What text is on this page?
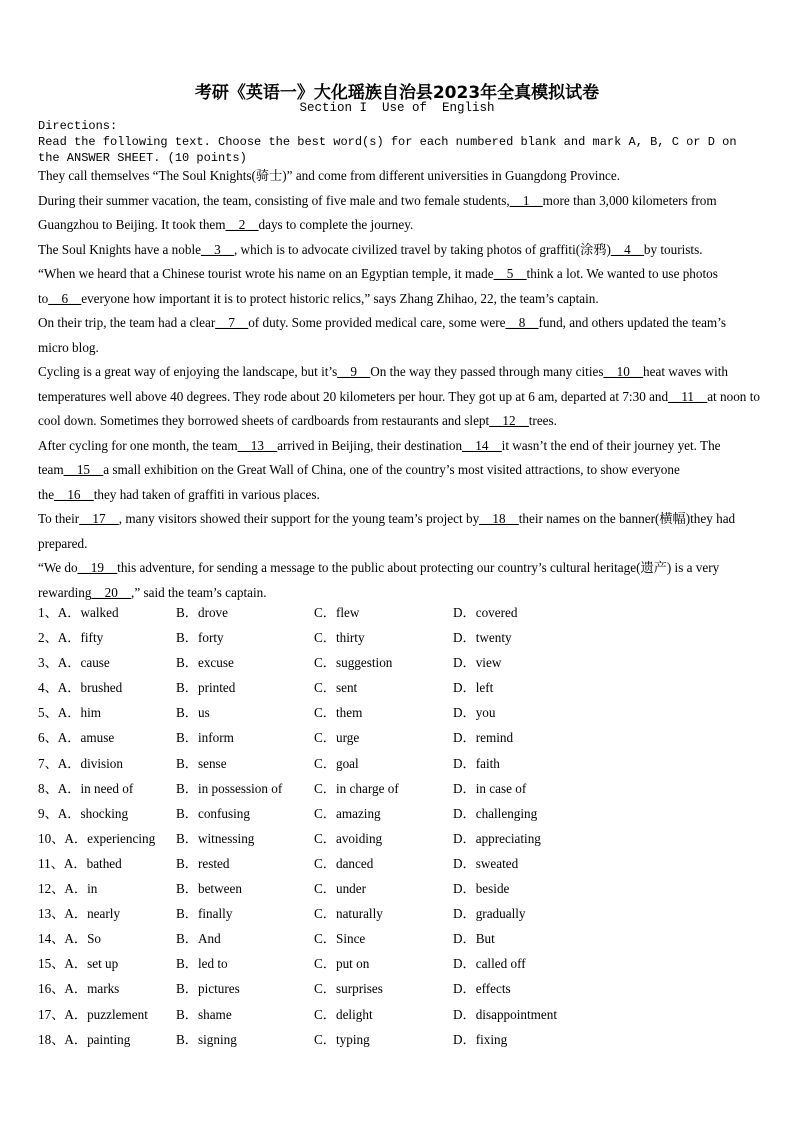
考研《英语一》大化瑶族自治县2023年全真模拟试卷
Section I  Use of  English
Directions:
Read the following text. Choose the best word(s) for each numbered blank and mark A, B, C or D on the ANSWER SHEET. (10 points)

They call themselves “The Soul Knights(骑士)” and come from different universities in Guangdong Province.

During their summer vacation, the team, consisting of five male and two female students,__1__more than 3,000 kilometers from Guangzhou to Beijing. It took them__2__days to complete the journey.

The Soul Knights have a noble__3__, which is to advocate civilized travel by taking photos of graffiti(涂鸦)__4__by tourists.

“When we heard that a Chinese tourist wrote his name on an Egyptian temple, it made__5__think a lot. We wanted to use photos to__6__everyone how important it is to protect historic relics,” says Zhang Zhihao, 22, the team’s captain.

On their trip, the team had a clear__7__of duty. Some provided medical care, some were__8__fund, and others updated the team’s micro blog.

Cycling is a great way of enjoying the landscape, but it’s__9__On the way they passed through many cities__10__heat waves with temperatures well above 40 degrees. They rode about 20 kilometers per hour. They got up at 6 am, departed at 7:30 and__11__at noon to cool down. Sometimes they borrowed sheets of cardboards from restaurants and slept__12__trees.

After cycling for one month, the team__13__arrived in Beijing, their destination__14__it wasn’t the end of their journey yet. The team__15__a small exhibition on the Great Wall of China, one of the country’s most visited attractions, to show everyone the__16__they had taken of graffiti in various places.

To their__17__, many visitors showed their support for the young team’s project by__18__their names on the banner(横幅)they had prepared.

“We do__19__this adventure, for sending a message to the public about protecting our country’s cultural heritage(遗产) is a very rewarding__20__,” said the team’s captain.

1、A．walked	B．drove	C．flew	D．covered
2、A．fifty	B．forty	C．thirty	D．twenty
3、A．cause	B．excuse	C．suggestion	D．view
4、A．brushed	B．printed	C．sent	D．left
5、A．him	B．us	C．them	D．you
6、A．amuse	B．inform	C．urge	D．remind
7、A．division	B．sense	C．goal	D．faith
8、A．in need of	B．in possession of C．in charge of	D．in case of
9、A．shocking	B．confusing	C．amazing	D．challenging
10、A．experiencing B．witnessing	C．avoiding	D．appreciating
11、A．bathed	B．rested	C．danced	D．sweated
12、A．in	B．between	C．under	D．beside
13、A．nearly	B．finally	C．naturally	D．gradually
14、A．So	B．And	C．Since	D．But
15、A．set up	B．led to	C．put on	D．called off
16、A．marks	B．pictures	C．surprises	D．effects
17、A．puzzlement B．shame	C．delight	D．disappointment
18、A．painting	B．signing	C．typing	D．fixing
